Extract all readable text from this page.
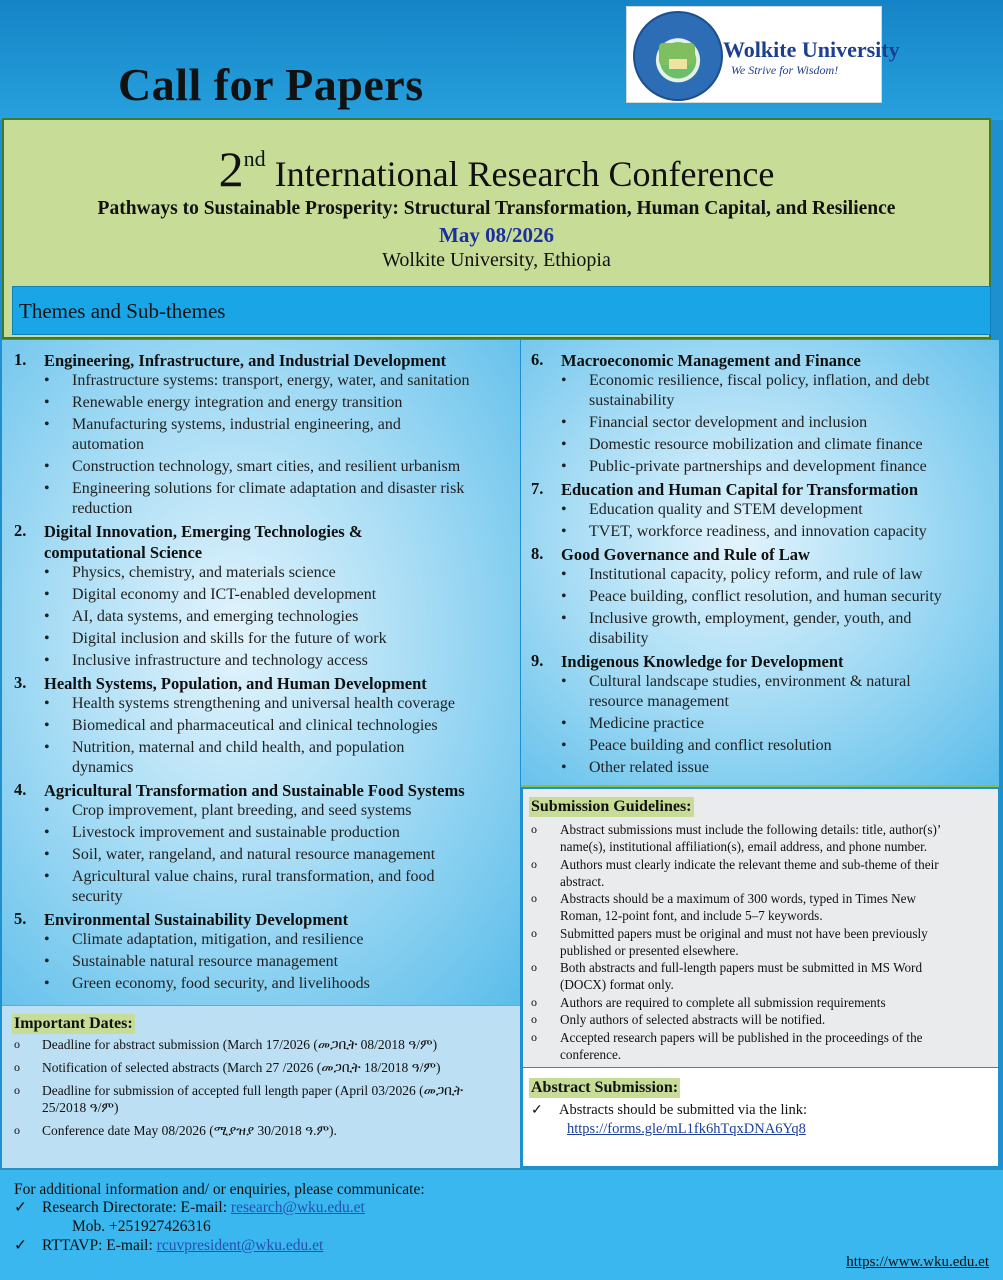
Call for Papers
Wolkite University
We Strive for Wisdom!
2nd International Research Conference
Pathways to Sustainable Prosperity: Structural Transformation, Human Capital, and Resilience
May 08/2026
Wolkite University, Ethiopia
Themes and Sub-themes
1. Engineering, Infrastructure, and Industrial Development
• Infrastructure systems: transport, energy, water, and sanitation
• Renewable energy integration and energy transition
• Manufacturing systems, industrial engineering, and
automation
• Construction technology, smart cities, and resilient urbanism
• Engineering solutions for climate adaptation and disaster risk
reduction
2. Digital Innovation, Emerging Technologies &
computational Science
• Physics, chemistry, and materials science
• Digital economy and ICT-enabled development
• AI, data systems, and emerging technologies
• Digital inclusion and skills for the future of work
• Inclusive infrastructure and technology access
3. Health Systems, Population, and Human Development
• Health systems strengthening and universal health coverage
• Biomedical and pharmaceutical and clinical technologies
• Nutrition, maternal and child health, and population
dynamics
4. Agricultural Transformation and Sustainable Food Systems
• Crop improvement, plant breeding, and seed systems
• Livestock improvement and sustainable production
• Soil, water, rangeland, and natural resource management
• Agricultural value chains, rural transformation, and food
security
5. Environmental Sustainability Development
• Climate adaptation, mitigation, and resilience
• Sustainable natural resource management
• Green economy, food security, and livelihoods
6. Macroeconomic Management and Finance
• Economic resilience, fiscal policy, inflation, and debt
sustainability
• Financial sector development and inclusion
• Domestic resource mobilization and climate finance
• Public-private partnerships and development finance
7. Education and Human Capital for Transformation
• Education quality and STEM development
• TVET, workforce readiness, and innovation capacity
8. Good Governance and Rule of Law
• Institutional capacity, policy reform, and rule of law
• Peace building, conflict resolution, and human security
• Inclusive growth, employment, gender, youth, and
disability
9. Indigenous Knowledge for Development
• Cultural landscape studies, environment & natural
resource management
• Medicine practice
• Peace building and conflict resolution
• Other related issue
Important Dates:
o Deadline for abstract submission (March 17/2026 (መጋቢት 08/2018 ዓ/ም)
o Notification of selected abstracts (March 27 /2026 (መጋቢት 18/2018 ዓ/ም)
o Deadline for submission of accepted full length paper (April 03/2026 (መጋቢት
25/2018 ዓ/ም)
o Conference date May 08/2026 (ሚያዝያ 30/2018 ዓ.ም).
Submission Guidelines:
o Abstract submissions must include the following details: title, author(s)’
name(s), institutional affiliation(s), email address, and phone number.
o Authors must clearly indicate the relevant theme and sub-theme of their
abstract.
o Abstracts should be a maximum of 300 words, typed in Times New
Roman, 12-point font, and include 5–7 keywords.
o Submitted papers must be original and must not have been previously
published or presented elsewhere.
o Both abstracts and full-length papers must be submitted in MS Word
(DOCX) format only.
o Authors are required to complete all submission requirements
o Only authors of selected abstracts will be notified.
o Accepted research papers will be published in the proceedings of the
conference.
Abstract Submission:
✓ Abstracts should be submitted via the link:
https://forms.gle/mL1fk6hTqxDNA6Yq8
For additional information and/ or enquiries, please communicate:
✓ Research Directorate: E-mail: research@wku.edu.et
Mob. +251927426316
✓ RTTAVP: E-mail: rcuvpresident@wku.edu.et
https://www.wku.edu.et
